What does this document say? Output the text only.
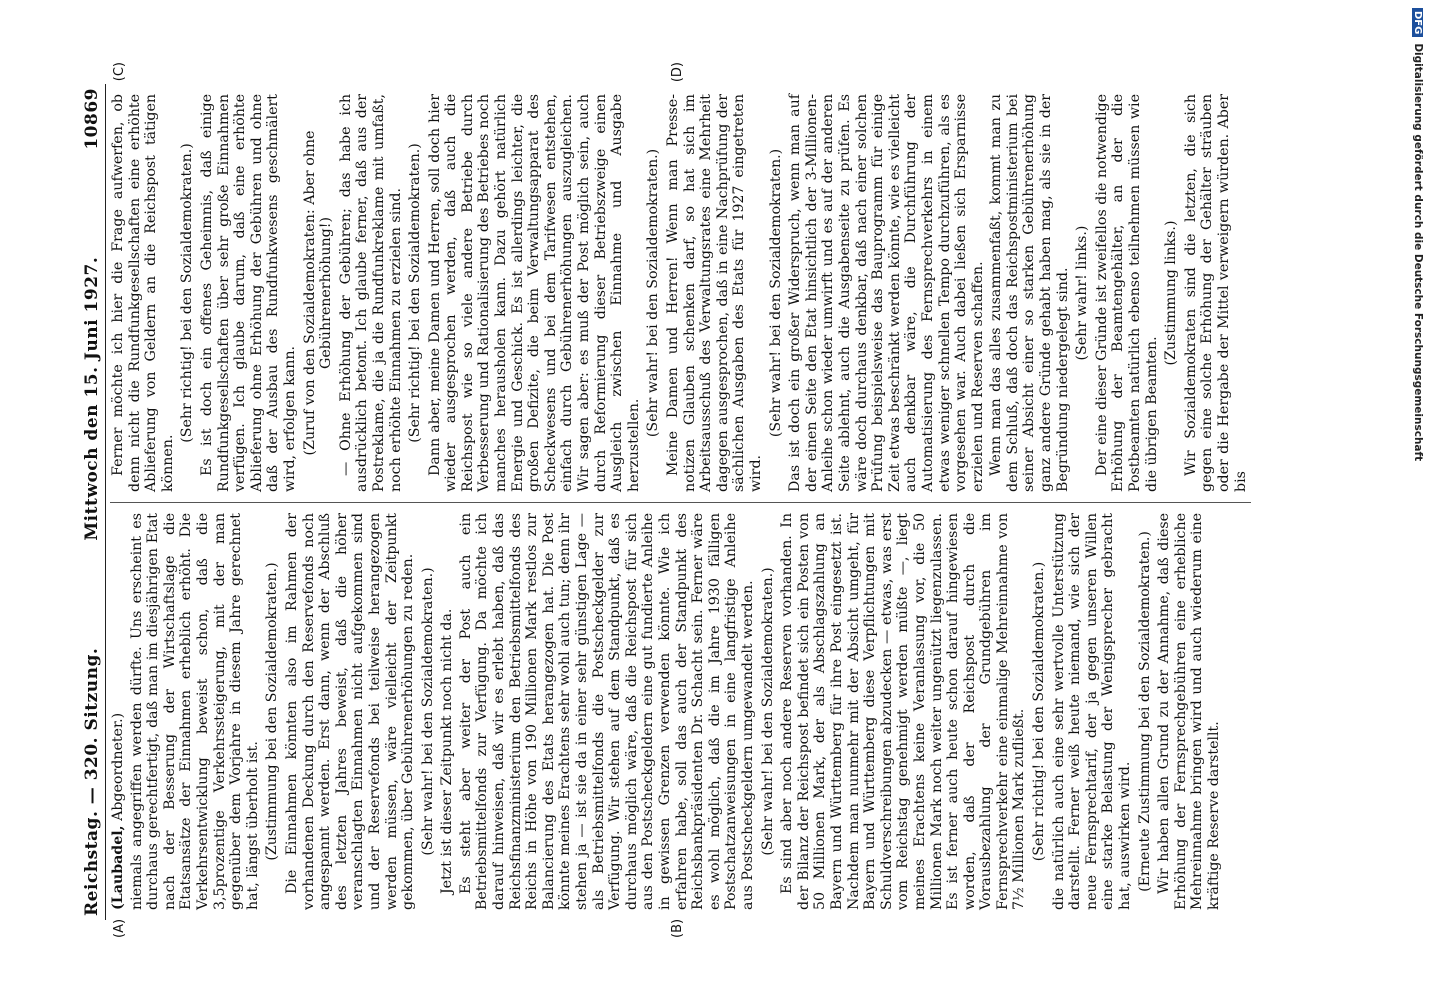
Reichstag. — 320. Sitzung.
Mittwoch den 15. Juni 1927.
10869
(A)	(B)
(C)	(D)

(Laubadel, Abgeordneter.) niemals angegriffen werden dürfte. Uns erscheint es durchaus gerechtfertigt, daß man im diesjährigen Etat nach der Besserung der Wirtschaftslage die Etatsansätze der Einnahmen erheblich erhöht. Die Verkehrsentwicklung beweist schon, daß die 3,5prozentige Verkehrssteigerung, mit der man gegenüber dem Vorjahre in diesem Jahre gerechnet hat, längst überholt ist. (Zustimmung bei den Sozialdemokraten.) Die Einnahmen könnten also im Rahmen der vorhandenen Deckung durch den Reservefonds noch angespannt werden. Erst dann, wenn der Abschluß des letzten Jahres beweist, daß die höher veranschlagten Einnahmen nicht aufgekommen sind und der Reservefonds bei teilweise herangezogen werden müssen, wäre vielleicht der Zeitpunkt gekommen, über Gebührenerhöhungen zu reden. (Sehr wahr! bei den Sozialdemokraten.) Jetzt ist dieser Zeitpunkt noch nicht da. Es steht aber weiter der Post auch ein Betriebsmittelfonds zur Verfügung. Da möchte ich darauf hinweisen, daß wir es erlebt haben, daß das Reichsfinanzministerium den Betriebsmittelfonds des Reichs in Höhe von 190 Millionen Mark restlos zur Balancierung des Etats herangezogen hat. Die Post könnte meines Erachtens sehr wohl auch tun; denn ihr stehen ja — ist sie da in einer sehr günstigen Lage — als Betriebsmittelfonds die Postscheckgelder zur Verfügung. Wir stehen auf dem Standpunkt, daß es durchaus möglich wäre, daß die Reichspost für sich aus den Postscheckgeldern eine gut fundierte Anleihe in gewissen Grenzen verwenden könnte. Wie ich erfahren habe, soll das auch der Standpunkt des Reichsbankpräsidenten Dr. Schacht sein. Ferner wäre es wohl möglich, daß die im Jahre 1930 fälligen Postschatzanweisungen in eine langfristige Anleihe aus Postscheckgeldern umgewandelt werden. (Sehr wahr! bei den Sozialdemokraten.) Es sind aber noch andere Reserven vorhanden. In der Bilanz der Reichspost befindet sich ein Posten von 50 Millionen Mark, der als Abschlagszahlung an Bayern und Württemberg für ihre Post eingesetzt ist. Nachdem man nunmehr mit der Absicht umgeht, für Bayern und Württemberg diese Verpflichtungen mit Schuldverschreibungen abzudecken — etwas, was erst vom Reichstag genehmigt werden müßte —, liegt meines Erachtens keine Veranlassung vor, die 50 Millionen Mark noch weiter ungenützt liegenzulassen. Es ist ferner auch heute schon darauf hingewiesen worden, daß der Reichspost durch die Vorausbezahlung der Grundgebühren im Fernsprechverkehr eine einmalige Mehreinnahme von 7½ Millionen Mark zufließt. (Sehr richtig! bei den Sozialdemokraten.) die natürlich auch eine sehr wertvolle Unterstützung darstellt. Ferner weiß heute niemand, wie sich der neue Fernsprechtarif, der ja gegen unseren Willen eine starke Belastung der Wenigsprecher gebracht hat, auswirken wird. (Erneute Zustimmung bei den Sozialdemokraten.) Wir haben allen Grund zu der Annahme, daß diese Erhöhung der Fernsprechgebühren eine erhebliche Mehreinnahme bringen wird und auch wiederum eine kräftige Reserve darstellt.

Ferner möchte ich hier die Frage aufwerfen, ob denn nicht die Rundfunkgesellschaften eine erhöhte Ablieferung von Geldern an die Reichspost tätigen können.

(Sehr richtig! bei den Sozialdemokraten.) Es ist doch ein offenes Geheimnis, daß einige Rundfunkgesellschaften über sehr große Einnahmen verfügen. Ich glaube darum, daß eine erhöhte Ablieferung ohne Erhöhung der Gebühren und ohne daß der Ausbau des Rundfunkwesens geschmälert wird, erfolgen kann. (Zuruf von den Sozialdemokraten: Aber ohne Gebührenerhöhung!) — Ohne Erhöhung der Gebühren; das habe ich ausdrücklich betont. Ich glaube ferner, daß aus der Postreklame, die ja die Rundfunkreklame mit umfaßt, noch erhöhte Einnahmen zu erzielen sind. (Sehr richtig! bei den Sozialdemokraten.) Dann aber, meine Damen und Herren, soll doch hier wieder ausgesprochen werden, daß auch die Reichspost wie so viele andere Betriebe durch Verbesserung und Rationalisierung des Betriebes noch manches herausholen kann. Dazu gehört natürlich Energie und Geschick. Es ist allerdings leichter, die großen Defizite, die beim Verwaltungsapparat des Scheckwesens und bei dem Tarifwesen entstehen, einfach durch Gebührenerhöhungen auszugleichen. Wir sagen aber: es muß der Post möglich sein, auch durch Reformierung dieser Betriebszweige einen Ausgleich zwischen Einnahme und Ausgabe herzustellen.

(Sehr wahr! bei den Sozialdemokraten.) Meine Damen und Herren! Wenn man Presse-notizen Glauben schenken darf, so hat sich im Arbeitsausschuß des Verwaltungsrates eine Mehrheit dagegen ausgesprochen, daß in eine Nachprüfung der sächlichen Ausgaben des Etats für 1927 eingetreten wird.

(Sehr wahr! bei den Sozialdemokraten.) Das ist doch ein großer Widerspruch, wenn man auf der einen Seite den Etat hinsichtlich der 3-Millionen-Anleihe schon wieder umwirft und es auf der anderen Seite ablehnt, auch die Ausgabenseite zu prüfen. Es wäre doch durchaus denkbar, daß nach einer solchen Prüfung beispielsweise das Bauprogramm für einige Zeit etwas beschränkt werden könnte, wie es vielleicht auch denkbar wäre, die Durchführung der Automatisierung des Fernsprechverkehrs in einem etwas weniger schnellen Tempo durchzuführen, als es vorgesehen war. Auch dabei ließen sich Ersparnisse erzielen und Reserven schaffen. Wenn man das alles zusammenfaßt, kommt man zu dem Schluß, daß doch das Reichspostministerium bei seiner Absicht einer so starken Gebührenerhöhung ganz andere Gründe gehabt haben mag, als sie in der Begründung niedergelegt sind. (Sehr wahr! links.) Der eine dieser Gründe ist zweifellos die notwendige Erhöhung der Beamtengehälter, an der die Postbeamten natürlich ebenso teilnehmen müssen wie die übrigen Beamten.

(Zustimmung links.) Wir Sozialdemokraten sind die letzten, die sich gegen eine solche Erhöhung der Gehälter sträuben oder die Hergabe der Mittel verweigern würden. Aber bis

DFGDigitalisierung gefördert durch die Deutsche Forschungsgemeinschaft
